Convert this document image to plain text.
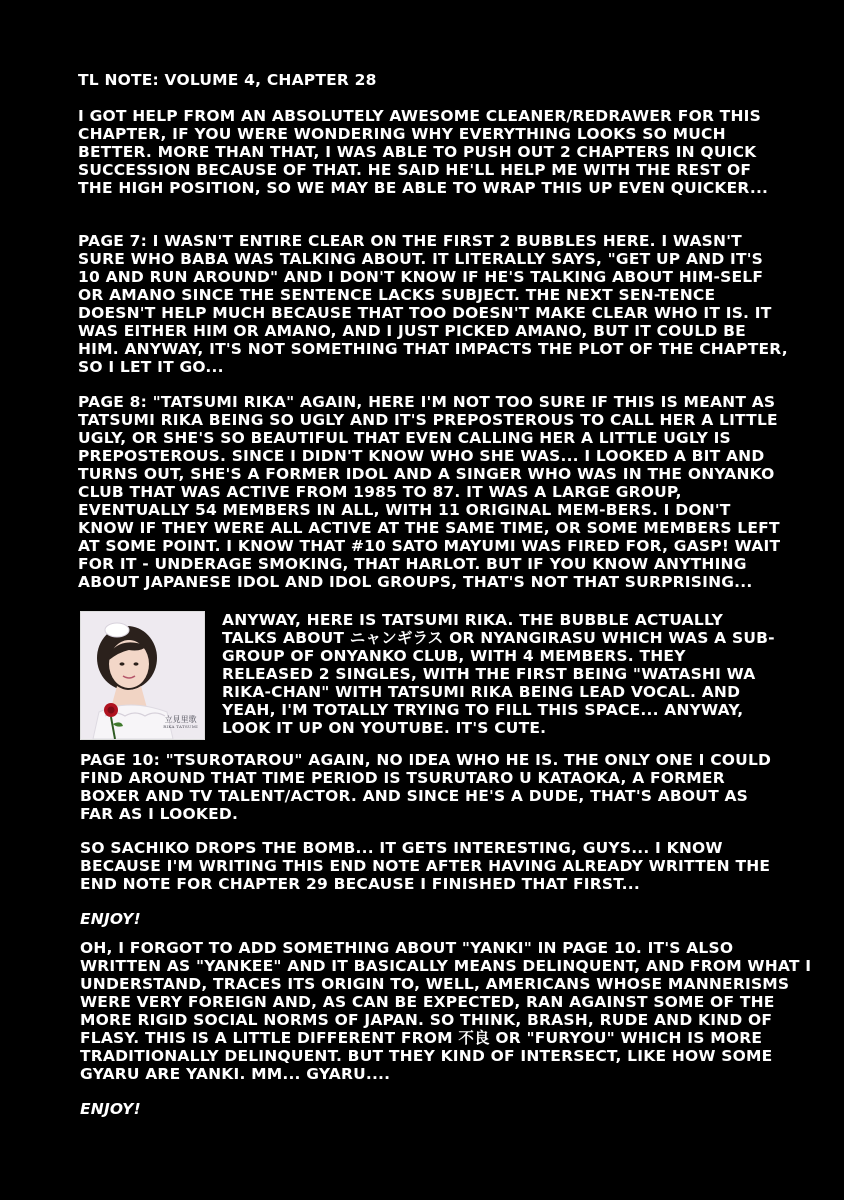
TL NOTE: VOLUME 4, CHAPTER 28

I GOT HELP FROM AN ABSOLUTELY AWESOME CLEANER/REDRAWER FOR THIS CHAPTER, IF YOU WERE WONDERING WHY EVERYTHING LOOKS SO MUCH BETTER. MORE THAN THAT, I WAS ABLE TO PUSH OUT 2 CHAPTERS IN QUICK SUCCESSION BECAUSE OF THAT. HE SAID HE'LL HELP ME WITH THE REST OF THE HIGH POSITION, SO WE MAY BE ABLE TO WRAP THIS UP EVEN QUICKER...

PAGE 7: I WASN'T ENTIRE CLEAR ON THE FIRST 2 BUBBLES HERE. I WASN'T SURE WHO BABA WAS TALKING ABOUT. IT LITERALLY SAYS, "GET UP AND IT'S 10 AND RUN AROUND" AND I DON'T KNOW IF HE'S TALKING ABOUT HIM-SELF OR AMANO SINCE THE SENTENCE LACKS SUBJECT. THE NEXT SEN-TENCE DOESN'T HELP MUCH BECAUSE THAT TOO DOESN'T MAKE CLEAR WHO IT IS. IT WAS EITHER HIM OR AMANO, AND I JUST PICKED AMANO, BUT IT COULD BE HIM. ANYWAY, IT'S NOT SOMETHING THAT IMPACTS THE PLOT OF THE CHAPTER, SO I LET IT GO...

PAGE 8: "TATSUMI RIKA" AGAIN, HERE I'M NOT TOO SURE IF THIS IS MEANT AS TATSUMI RIKA BEING SO UGLY AND IT'S PREPOSTEROUS TO CALL HER A LITTLE UGLY, OR SHE'S SO BEAUTIFUL THAT EVEN CALLING HER A LITTLE UGLY IS PREPOSTEROUS. SINCE I DIDN'T KNOW WHO SHE WAS... I LOOKED A BIT AND TURNS OUT, SHE'S A FORMER IDOL AND A SINGER WHO WAS IN THE ONYANKO CLUB THAT WAS ACTIVE FROM 1985 TO 87. IT WAS A LARGE GROUP, EVENTUALLY 54 MEMBERS IN ALL, WITH 11 ORIGINAL MEM-BERS. I DON'T KNOW IF THEY WERE ALL ACTIVE AT THE SAME TIME, OR SOME MEMBERS LEFT AT SOME POINT. I KNOW THAT #10 SATO MAYUMI WAS FIRED FOR, GASP! WAIT FOR IT - UNDERAGE SMOKING, THAT HARLOT. BUT IF YOU KNOW ANYTHING ABOUT JAPANESE IDOL AND IDOL GROUPS, THAT'S NOT THAT SURPRISING...

立見里歌
RIKA TATSUMI

ANYWAY, HERE IS TATSUMI RIKA. THE BUBBLE ACTUALLY TALKS ABOUT ニャンギラス OR NYANGIRASU WHICH WAS A SUB-GROUP OF ONYANKO CLUB, WITH 4 MEMBERS. THEY RELEASED 2 SINGLES, WITH THE FIRST BEING "WATASHI WA RIKA-CHAN" WITH TATSUMI RIKA BEING LEAD VOCAL. AND YEAH, I'M TOTALLY TRYING TO FILL THIS SPACE... ANYWAY, LOOK IT UP ON YOUTUBE. IT'S CUTE.

PAGE 10: "TSUROTAROU" AGAIN, NO IDEA WHO HE IS. THE ONLY ONE I COULD FIND AROUND THAT TIME PERIOD IS TSURUTARO U KATAOKA, A FORMER BOXER AND TV TALENT/ACTOR. AND SINCE HE'S A DUDE, THAT'S ABOUT AS FAR AS I LOOKED.

SO SACHIKO DROPS THE BOMB... IT GETS INTERESTING, GUYS... I KNOW BECAUSE I'M WRITING THIS END NOTE AFTER HAVING ALREADY WRITTEN THE END NOTE FOR CHAPTER 29 BECAUSE I FINISHED THAT FIRST...

ENJOY!

OH, I FORGOT TO ADD SOMETHING ABOUT "YANKI" IN PAGE 10. IT'S ALSO WRITTEN AS "YANKEE" AND IT BASICALLY MEANS DELINQUENT, AND FROM WHAT I UNDERSTAND, TRACES ITS ORIGIN TO, WELL, AMERICANS WHOSE MANNERISMS WERE VERY FOREIGN AND, AS CAN BE EXPECTED, RAN AGAINST SOME OF THE MORE RIGID SOCIAL NORMS OF JAPAN. SO THINK, BRASH, RUDE AND KIND OF FLASY. THIS IS A LITTLE DIFFERENT FROM 不良 OR "FURYOU" WHICH IS MORE TRADITIONALLY DELINQUENT. BUT THEY KIND OF INTERSECT, LIKE HOW SOME GYARU ARE YANKI. MM... GYARU....

ENJOY!
